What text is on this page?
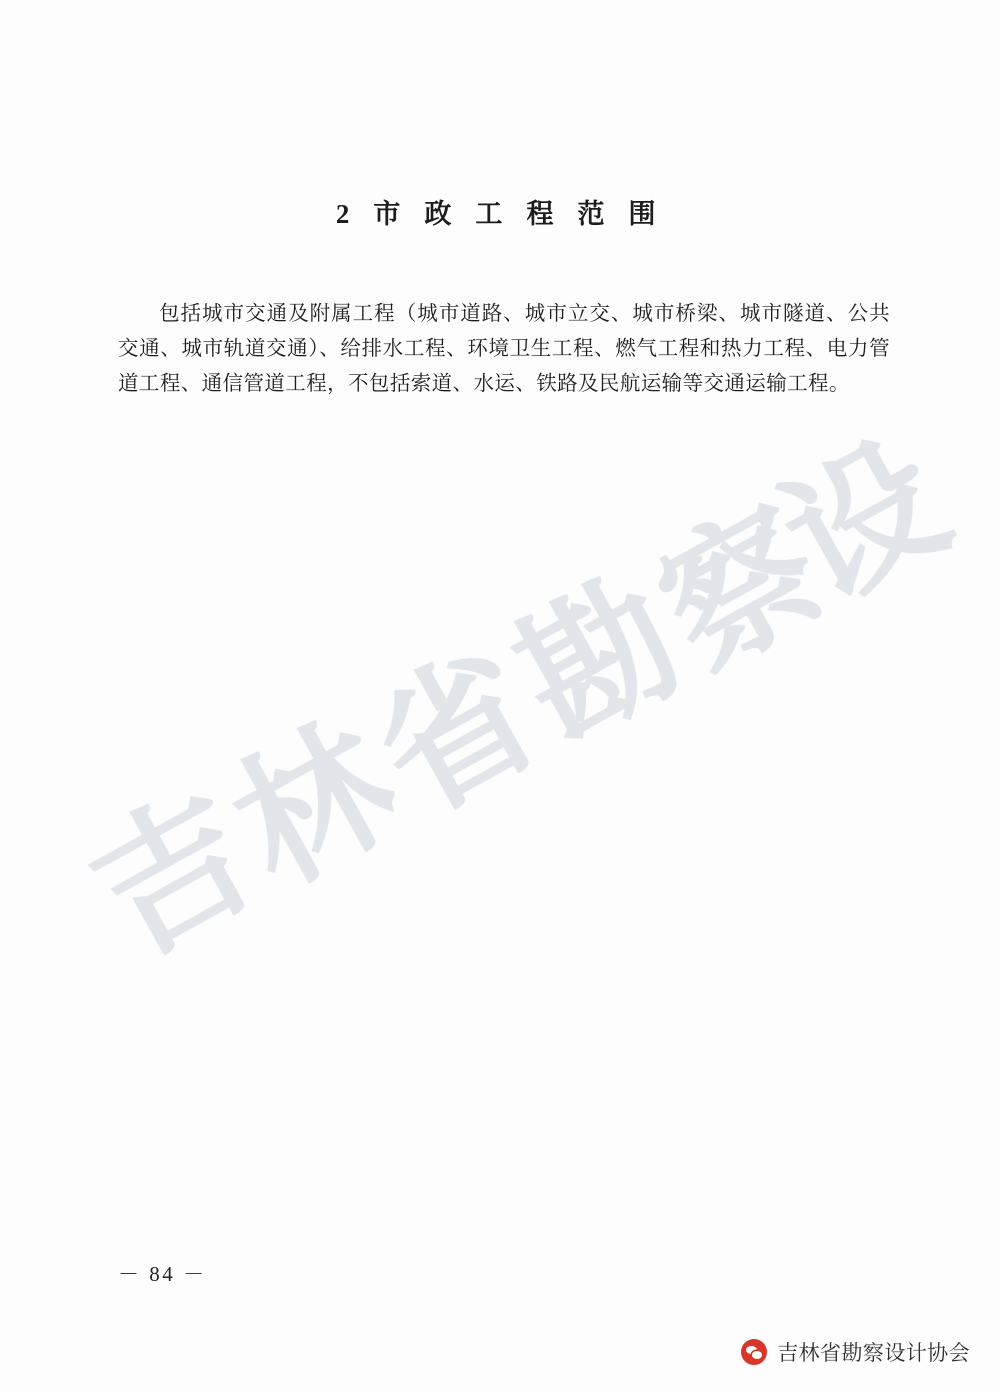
2 市 政 工 程 范 围
包括城市交通及附属工程（城市道路、城市立交、城市桥梁、城市隧道、公共交通、城市轨道交通）、给排水工程、环境卫生工程、燃气工程和热力工程、电力管道工程、通信管道工程，不包括索道、水运、铁路及民航运输等交通运输工程。
吉
林
省
勘
察
设
－ 84 －
吉林省勘察设计协会
